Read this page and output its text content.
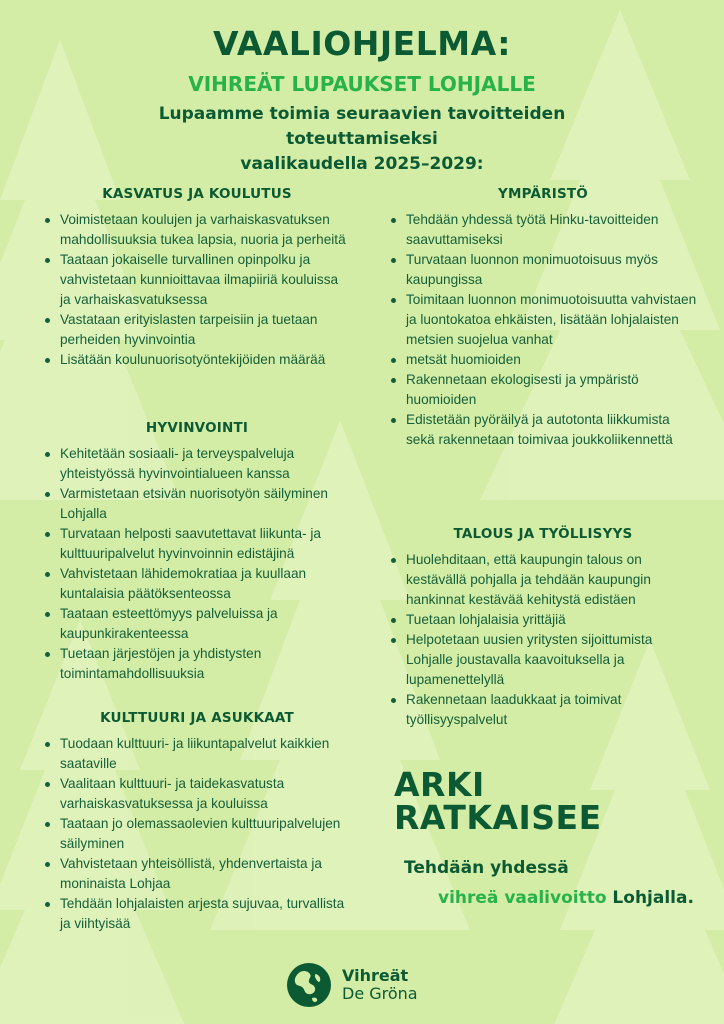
VAALIOHJELMA:
VIHREÄT LUPAUKSET LOHJALLE
Lupaamme toimia seuraavien tavoitteiden toteuttamiseksi
vaalikaudella 2025–2029:
KASVATUS JA KOULUTUS
Voimistetaan koulujen ja varhaiskasvatuksen mahdollisuuksia tukea lapsia, nuoria ja perheitä
Taataan jokaiselle turvallinen opinpolku ja vahvistetaan kunnioittavaa ilmapiiriä kouluissa ja varhaiskasvatuksessa
Vastataan erityislasten tarpeisiin ja tuetaan perheiden hyvinvointia
Lisätään koulunuorisotyöntekijöiden määrää
HYVINVOINTI
Kehitetään sosiaali- ja terveyspalveluja yhteistyössä hyvinvointialueen kanssa
Varmistetaan etsivän nuorisotyön säilyminen Lohjalla
Turvataan helposti saavutettavat liikunta- ja kulttuuripalvelut hyvinvoinnin edistäjinä
Vahvistetaan lähidemokratiaa ja kuullaan kuntalaisia päätöksenteossa
Taataan esteettömyys palveluissa ja kaupunkirakenteessa
Tuetaan järjestöjen ja yhdistysten toimintamahdollisuuksia
KULTTUURI JA ASUKKAAT
Tuodaan kulttuuri- ja liikuntapalvelut kaikkien saataville
Vaalitaan kulttuuri- ja taidekasvatusta varhaiskasvatuksessa ja kouluissa
Taataan jo olemassaolevien kulttuuripalvelujen säilyminen
Vahvistetaan yhteisöllistä, yhdenvertaista ja moninaista Lohjaa
Tehdään lohjalaisten arjesta sujuvaa, turvallista ja viihtyisää
YMPÄRISTÖ
Tehdään yhdessä työtä Hinku-tavoitteiden saavuttamiseksi
Turvataan luonnon monimuotoisuus myös kaupungissa
Toimitaan luonnon monimuotoisuutta vahvistaen ja luontokatoa ehkäisten, lisätään lohjalaisten metsien suojelua vanhat
metsät huomioiden
Rakennetaan ekologisesti ja ympäristö huomioiden
Edistetään pyöräilyä ja autotonta liikkumista sekä rakennetaan toimivaa joukkoliikennettä
TALOUS JA TYÖLLISYYS
Huolehditaan, että kaupungin talous on kestävällä pohjalla ja tehdään kaupungin hankinnat kestävää kehitystä edistäen
Tuetaan lohjalaisia yrittäjiä
Helpotetaan uusien yritysten sijoittumista Lohjalle joustavalla kaavoituksella ja lupamenettelyllä
Rakennetaan laadukkaat ja toimivat työllisyyspalvelut
ARKI
RATKAISEE
Tehdään yhdessä
vihreä vaalivoitto Lohjalla.
Vihreät
De Gröna
